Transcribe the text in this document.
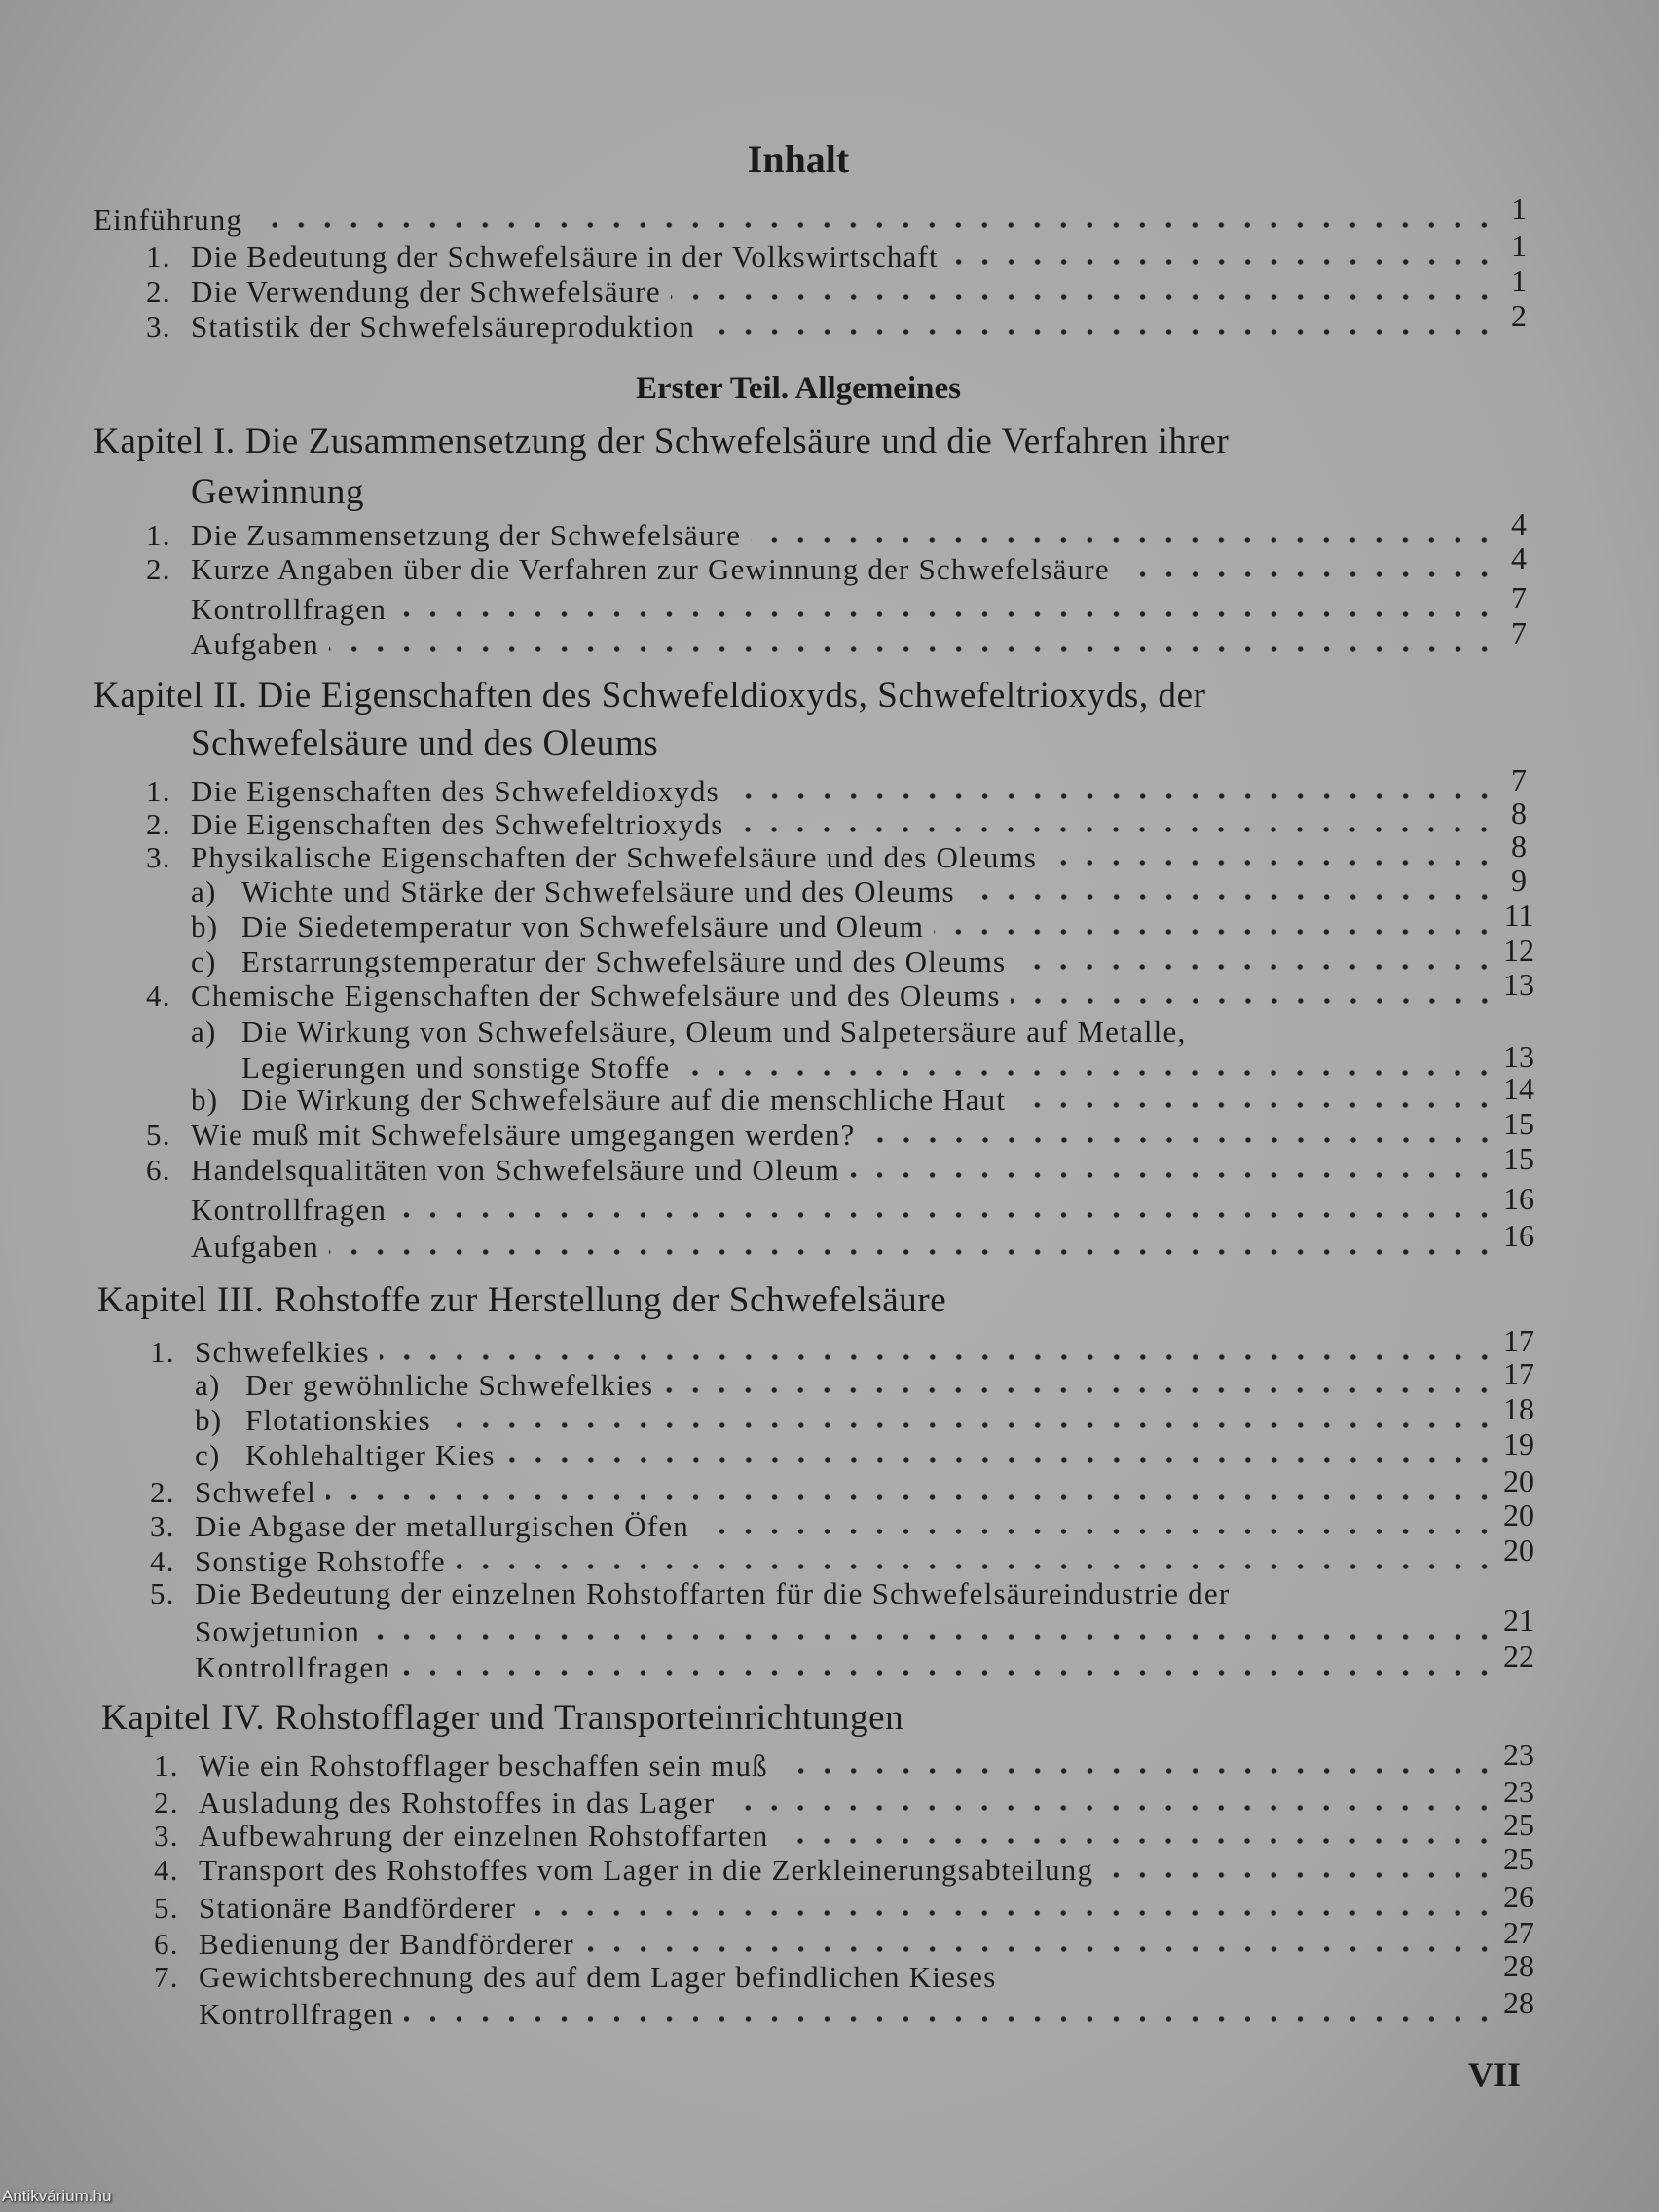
Inhalt
Erster Teil. Allgemeines
Einführung	1
1. Die Bedeutung der Schwefelsäure in der Volkswirtschaft	1
2. Die Verwendung der Schwefelsäure	1
3. Statistik der Schwefelsäureproduktion	2
Kapitel I. Die Zusammensetzung der Schwefelsäure und die Verfahren ihrer
Gewinnung
1. Die Zusammensetzung der Schwefelsäure	4
2. Kurze Angaben über die Verfahren zur Gewinnung der Schwefelsäure	4
Kontrollfragen	7
Aufgaben	7
Kapitel II. Die Eigenschaften des Schwefeldioxyds, Schwefeltrioxyds, der
Schwefelsäure und des Oleums
1. Die Eigenschaften des Schwefeldioxyds	7
2. Die Eigenschaften des Schwefeltrioxyds	8
3. Physikalische Eigenschaften der Schwefelsäure und des Oleums	8
a) Wichte und Stärke der Schwefelsäure und des Oleums	9
b) Die Siedetemperatur von Schwefelsäure und Oleum	11
c) Erstarrungstemperatur der Schwefelsäure und des Oleums	12
4. Chemische Eigenschaften der Schwefelsäure und des Oleums	13
a) Die Wirkung von Schwefelsäure, Oleum und Salpetersäure auf Metalle,
Legierungen und sonstige Stoffe	13
b) Die Wirkung der Schwefelsäure auf die menschliche Haut	14
5. Wie muß mit Schwefelsäure umgegangen werden?	15
6. Handelsqualitäten von Schwefelsäure und Oleum	15
Kontrollfragen	16
Aufgaben	16
Kapitel III. Rohstoffe zur Herstellung der Schwefelsäure
1. Schwefelkies	17
a) Der gewöhnliche Schwefelkies	17
b) Flotationskies	18
c) Kohlehaltiger Kies	19
2. Schwefel	20
3. Die Abgase der metallurgischen Öfen	20
4. Sonstige Rohstoffe	20
5. Die Bedeutung der einzelnen Rohstoffarten für die Schwefelsäureindustrie der
Sowjetunion	21
Kontrollfragen	22
Kapitel IV. Rohstofflager und Transporteinrichtungen
1. Wie ein Rohstofflager beschaffen sein muß	23
2. Ausladung des Rohstoffes in das Lager	23
3. Aufbewahrung der einzelnen Rohstoffarten	25
4. Transport des Rohstoffes vom Lager in die Zerkleinerungsabteilung	25
5. Stationäre Bandförderer	26
6. Bedienung der Bandförderer	27
7. Gewichtsberechnung des auf dem Lager befindlichen Kieses	28
Kontrollfragen	28
VII
Antikvárium.hu
